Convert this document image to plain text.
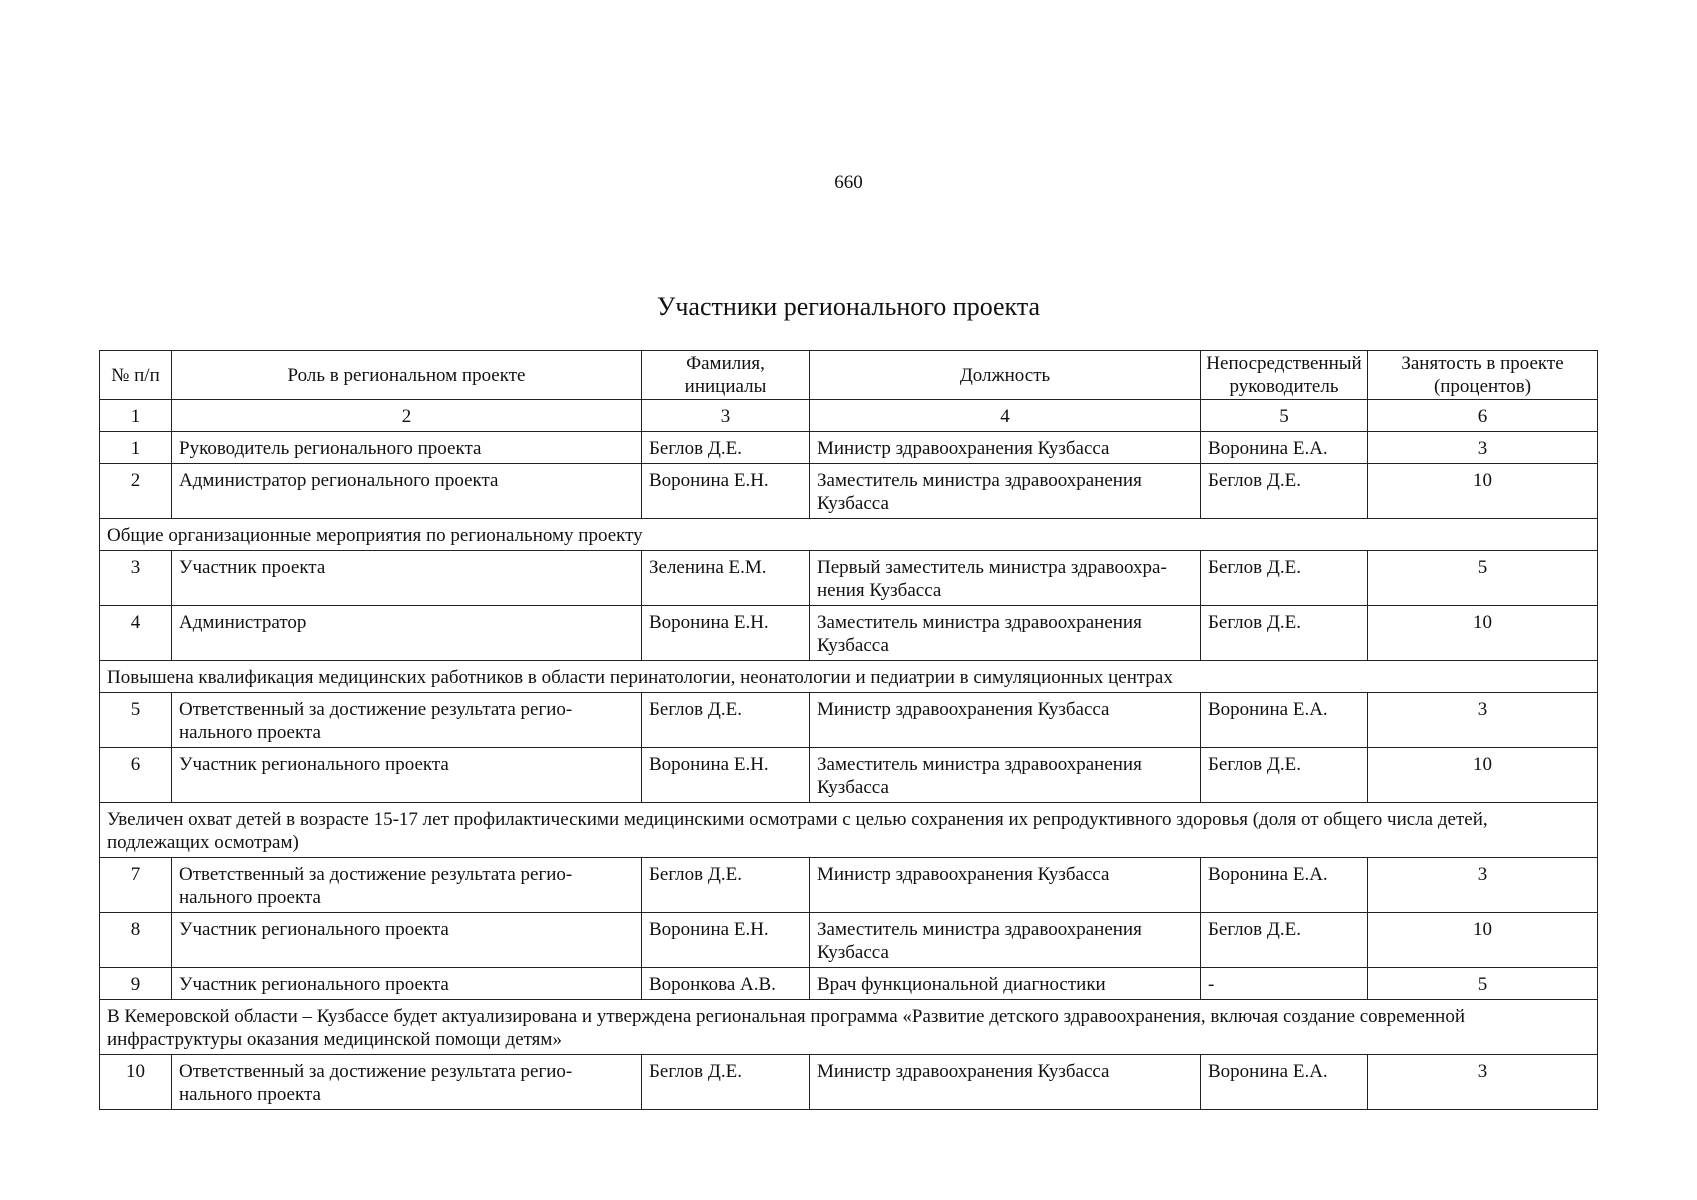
660
Участники регионального проекта
№ п/п	Роль в региональном проекте	Фамилия, инициалы	Должность	Непосредственный руководитель	Занятость в проекте (процентов)
1	2	3	4	5	6
1	Руководитель регионального проекта	Беглов Д.Е.	Министр здравоохранения Кузбасса	Воронина Е.А.	3
2	Администратор регионального проекта	Воронина Е.Н.	Заместитель министра здравоохранения Кузбасса	Беглов Д.Е.	10
Общие организационные мероприятия по региональному проекту					
3	Участник проекта	Зеленина Е.М.	Первый заместитель министра здравоохра-нения Кузбасса	Беглов Д.Е.	5
4	Администратор	Воронина Е.Н.	Заместитель министра здравоохранения Кузбасса	Беглов Д.Е.	10
Повышена квалификация медицинских работников в области перинатологии, неонатологии и педиатрии в симуляционных центрах					
5	Ответственный за достижение результата регио-нального проекта	Беглов Д.Е.	Министр здравоохранения Кузбасса	Воронина Е.А.	3
6	Участник регионального проекта	Воронина Е.Н.	Заместитель министра здравоохранения Кузбасса	Беглов Д.Е.	10
Увеличен охват детей в возрасте 15-17 лет профилактическими медицинскими осмотрами с целью сохранения их репродуктивного здоровья (доля от общего числа детей, подлежащих осмотрам)					
7	Ответственный за достижение результата регио-нального проекта	Беглов Д.Е.	Министр здравоохранения Кузбасса	Воронина Е.А.	3
8	Участник регионального проекта	Воронина Е.Н.	Заместитель министра здравоохранения Кузбасса	Беглов Д.Е.	10
9	Участник регионального проекта	Воронкова А.В.	Врач функциональной диагностики	-	5
В Кемеровской области – Кузбассе будет актуализирована и утверждена региональная программа «Развитие детского здравоохранения, включая создание современной инфраструктуры оказания медицинской помощи детям»					
10	Ответственный за достижение результата регио-нального проекта	Беглов Д.Е.	Министр здравоохранения Кузбасса	Воронина Е.А.	3
